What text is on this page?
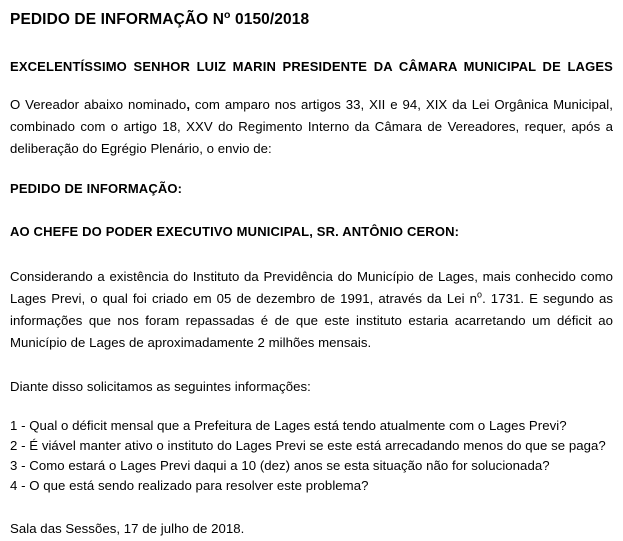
PEDIDO DE INFORMAÇÃO $N^o$ 0150/2018

EXCELENTÍSSIMO SENHOR LUIZ MARIN PRESIDENTE DA CÂMARA MUNICIPAL DE LAGES

O Vereador abaixo nominado, com amparo nos artigos 33, XII e 94, XIX da Lei Orgânica Municipal, combinado com o artigo 18, XXV do Regimento Interno da Câmara de Vereadores, requer, após a deliberação do Egrégio Plenário, o envio de:

PEDIDO DE INFORMAÇÃO:

AO CHEFE DO PODER EXECUTIVO MUNICIPAL, SR. ANTÔNIO CERON:

Considerando a existência do Instituto da Previdência do Município de Lages, mais conhecido como Lages Previ, o qual foi criado em 05 de dezembro de 1991, através da Lei $n^o$. 1731. E segundo as informações que nos foram repassadas é de que este instituto estaria acarretando um déficit ao Município de Lages de aproximadamente 2 milhões mensais.

Diante disso solicitamos as seguintes informações:

1 - Qual o déficit mensal que a Prefeitura de Lages está tendo atualmente com o Lages Previ?
2 - É viável manter ativo o instituto do Lages Previ se este está arrecadando menos do que se paga?
3 - Como estará o Lages Previ daqui a 10 (dez) anos se esta situação não for solucionada?
4 - O que está sendo realizado para resolver este problema?

Sala das Sessões, 17 de julho de 2018.
